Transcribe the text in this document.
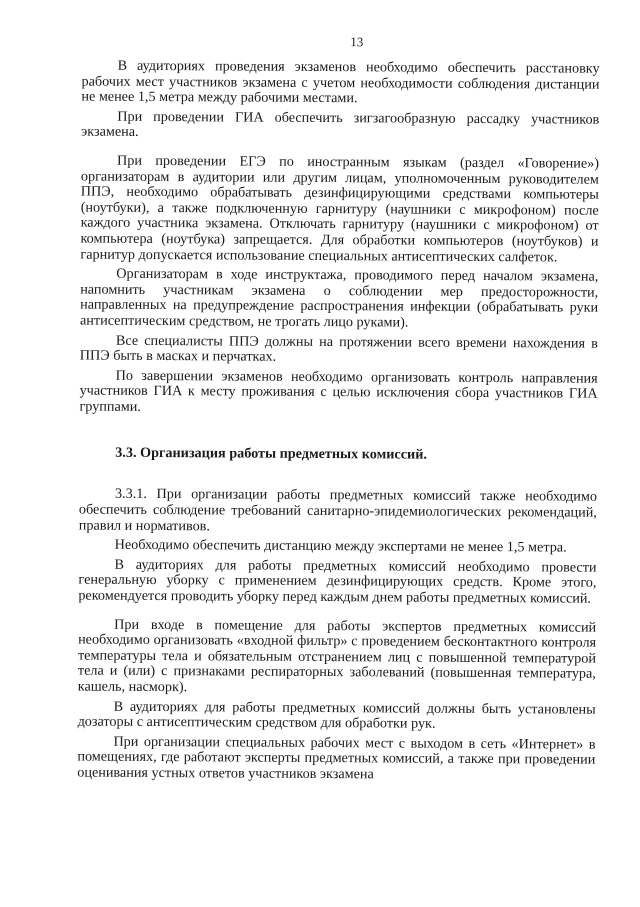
13

В аудиториях проведения экзаменов необходимо обеспечить расстановку рабочих мест участников экзамена с учетом необходимости соблюдения дистанции не менее 1,5 метра между рабочими местами.

При проведении ГИА обеспечить зигзагообразную рассадку участников экзамена.

При проведении ЕГЭ по иностранным языкам (раздел «Говорение») организаторам в аудитории или другим лицам, уполномоченным руководителем ППЭ, необходимо обрабатывать дезинфицирующими средствами компьютеры (ноутбуки), а также подключенную гарнитуру (наушники с микрофоном) после каждого участника экзамена. Отключать гарнитуру (наушники с микрофоном) от компьютера (ноутбука) запрещается. Для обработки компьютеров (ноутбуков) и гарнитур допускается использование специальных антисептических салфеток.

Организаторам в ходе инструктажа, проводимого перед началом экзамена, напомнить участникам экзамена о соблюдении мер предосторожности, направленных на предупреждение распространения инфекции (обрабатывать руки антисептическим средством, не трогать лицо руками).

Все специалисты ППЭ должны на протяжении всего времени нахождения в ППЭ быть в масках и перчатках.

По завершении экзаменов необходимо организовать контроль направления участников ГИА к месту проживания с целью исключения сбора участников ГИА группами.

3.3. Организация работы предметных комиссий.

3.3.1. При организации работы предметных комиссий также необходимо обеспечить соблюдение требований санитарно-эпидемиологических рекомендаций, правил и нормативов.

Необходимо обеспечить дистанцию между экспертами не менее 1,5 метра.

В аудиториях для работы предметных комиссий необходимо провести генеральную уборку с применением дезинфицирующих средств. Кроме этого, рекомендуется проводить уборку перед каждым днем работы предметных комиссий.

При входе в помещение для работы экспертов предметных комиссий необходимо организовать «входной фильтр» с проведением бесконтактного контроля температуры тела и обязательным отстранением лиц с повышенной температурой тела и (или) с признаками респираторных заболеваний (повышенная температура, кашель, насморк).

В аудиториях для работы предметных комиссий должны быть установлены дозаторы с антисептическим средством для обработки рук.

При организации специальных рабочих мест с выходом в сеть «Интернет» в помещениях, где работают эксперты предметных комиссий, а также при проведении оценивания устных ответов участников экзамена
